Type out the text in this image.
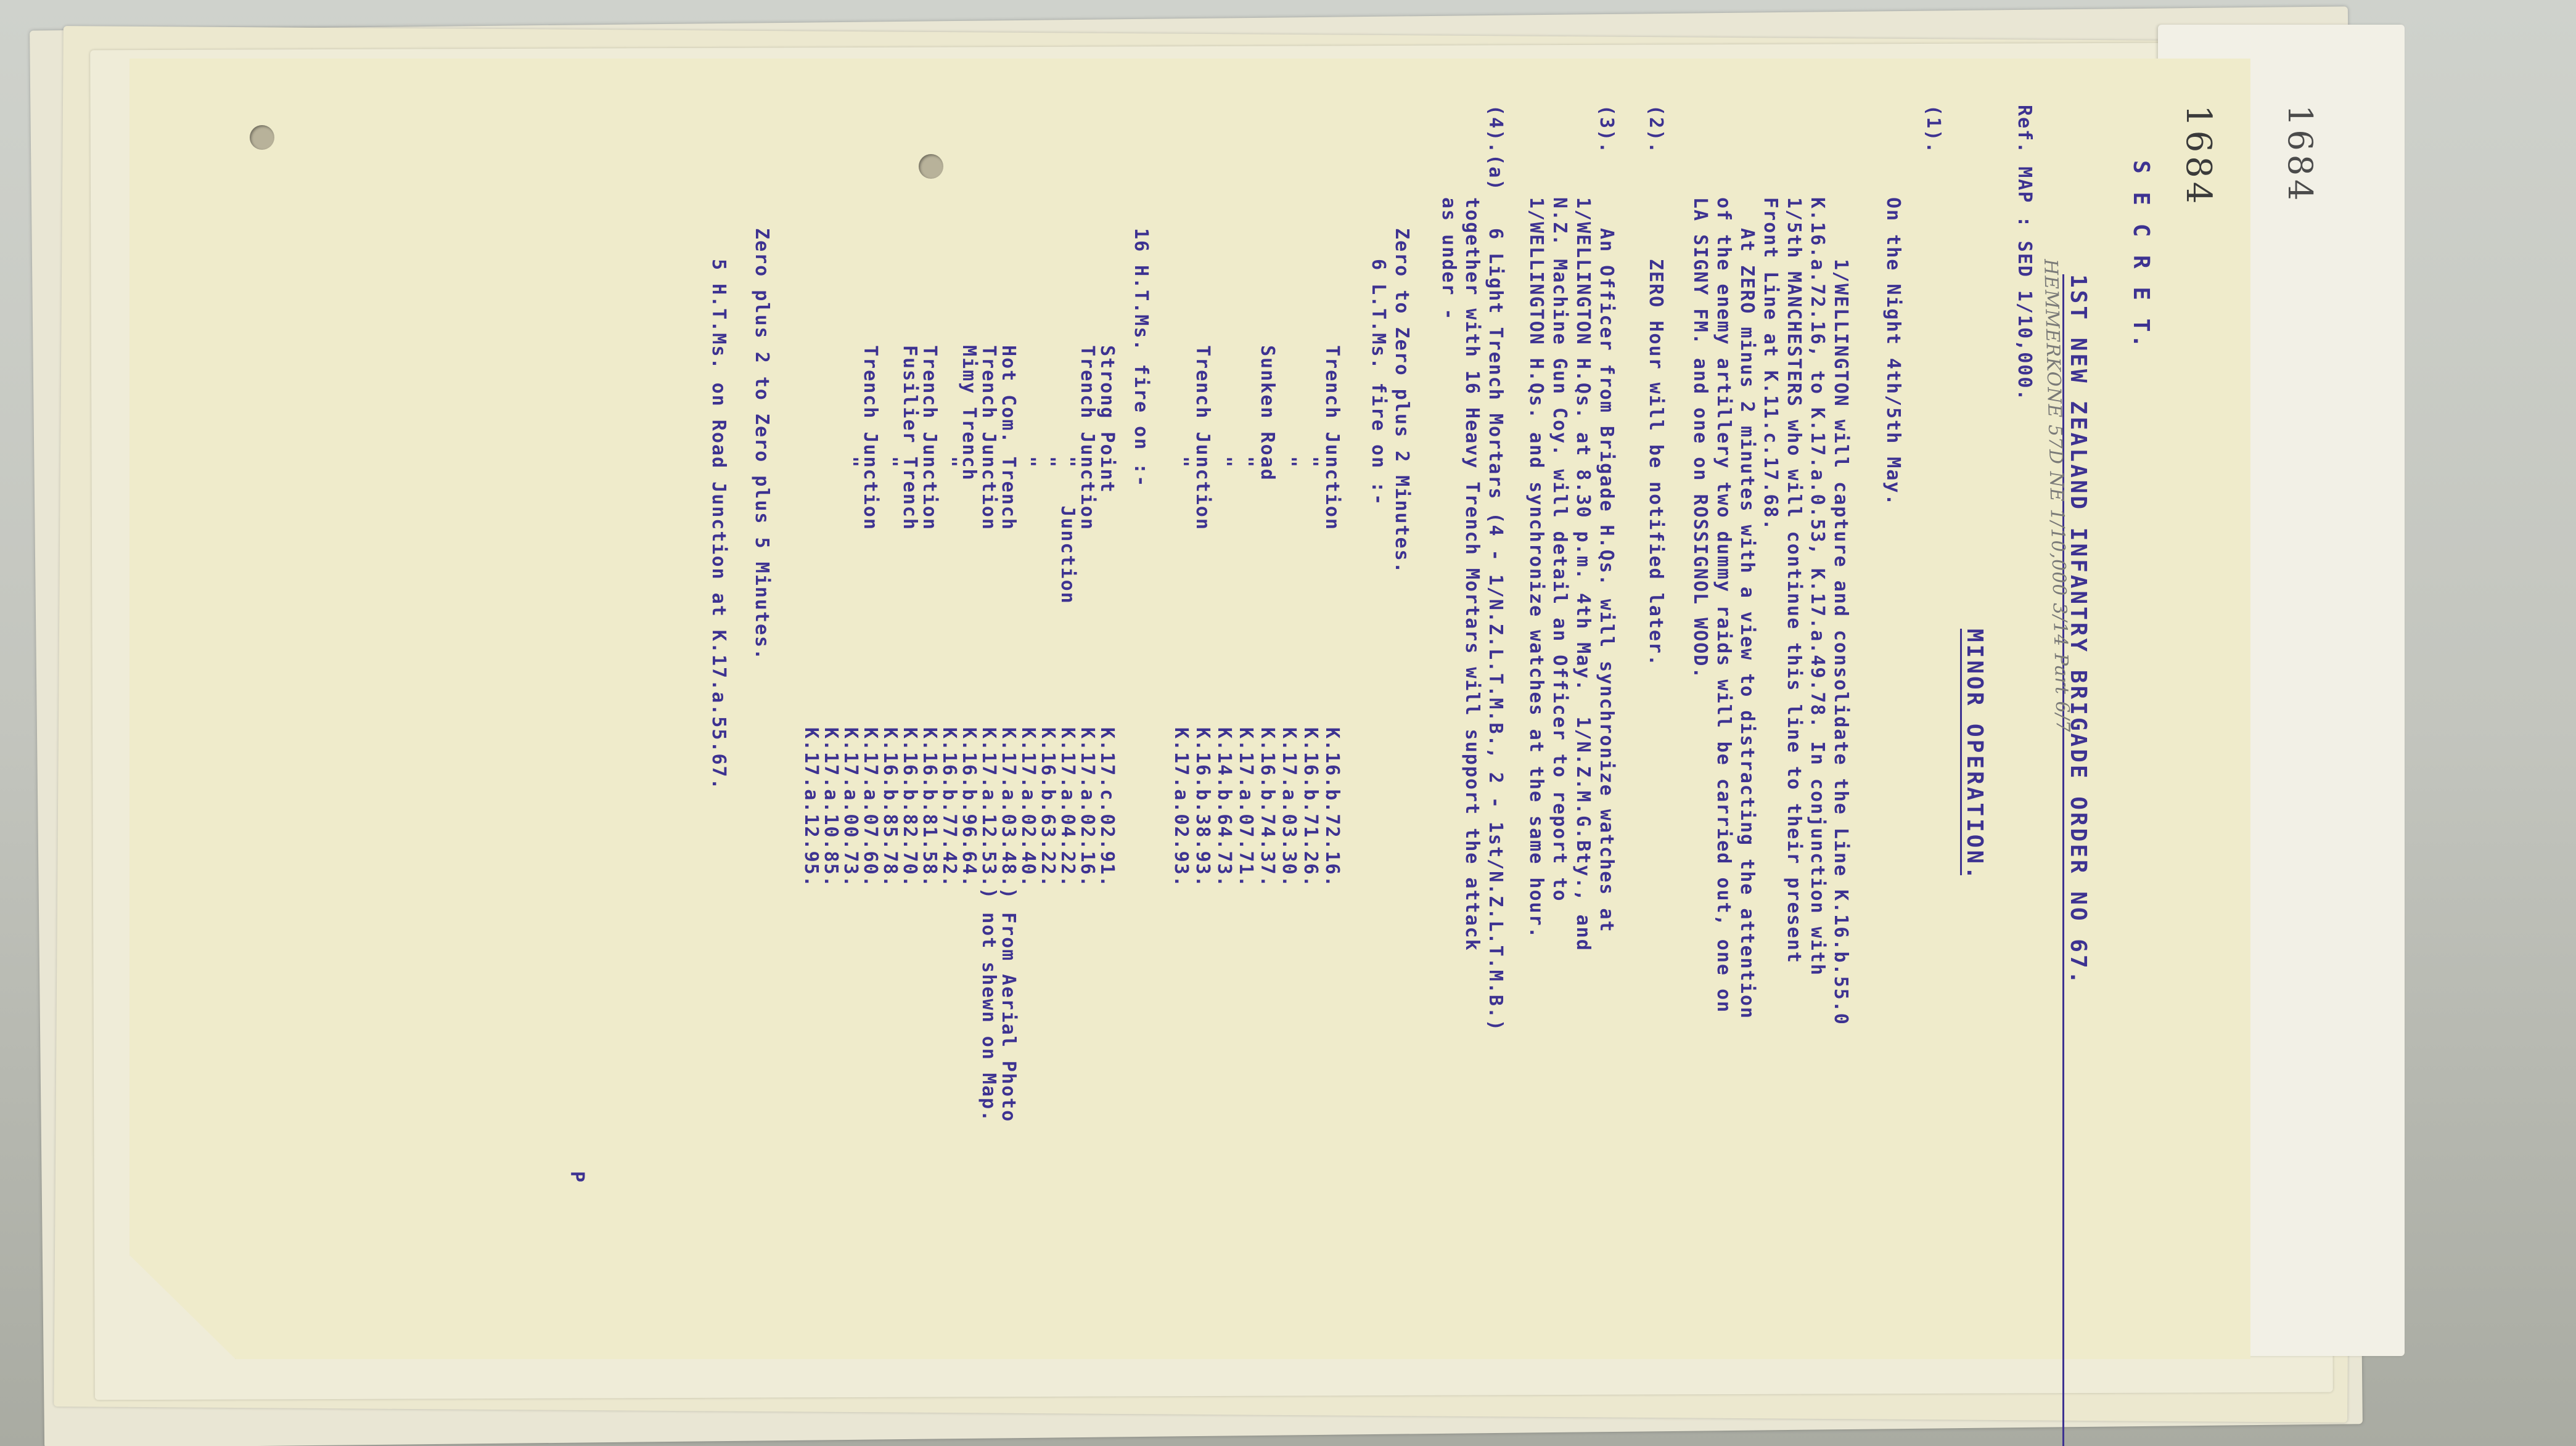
1684 1684
S E C R E T.
1ST NEW ZEALAND INFANTRY BRIGADE ORDER NO 67.
Ref. MAP : SED 1/10,000.
HEMMERKONE 57D NE 1/10,000 3/14 Part 6/7
MINOR OPERATION.
(1).
On the Night 4th/5th May.
1/WELLINGTON will capture and consolidate the Line K.16.b.55.0
K.16.a.72.16, to K.17.a.0.53, K.17.a.49.78. In conjunction with
1/5th MANCHESTERS who will continue this line to their present
Front Line at K.11.c.17.68.
At ZERO minus 2 minutes with a view to distracting the attention
of the enemy artillery two dummy raids will be carried out, one on
LA SIGNY FM. and one on ROSSIGNOL WOOD.
(2).
ZERO Hour will be notified later.
(3).
An Officer from Brigade H.Qs. will synchronize watches at
1/WELLINGTON H.Qs. at 8.30 p.m. 4th May.  1/N.Z.M.G.Bty., and
N.Z. Machine Gun Coy. will detail an Officer to report to
1/WELLINGTON H.Qs. and synchronize watches at the same hour.
(4).(a)
6 Light Trench Mortars (4 - 1/N.Z.L.T.M.B., 2 - 1st/N.Z.L.T.M.B.)
together with 16 Heavy Trench Mortars will support the attack
as under -
Zero to Zero plus 2 Minutes.
6 L.T.Ms. fire on :-
Trench Junction
K.16.b.72.16.
"
K.16.b.71.26.
"
K.17.a.03.30.
Sunken Road
K.16.b.74.37.
"
K.17.a.07.71.
"
K.14.b.64.73.
Trench Junction
K.16.b.38.93.
"
K.17.a.02.93.
16 H.T.Ms. fire on :-
Strong Point
K.17.c.02.91.
Trench Junction
K.17.a.02.16.
"   Junction
K.17.a.04.22.
"
K.16.b.63.22.
"
K.17.a.02.40.
Hot Com. Trench
K.17.a.03.48.
) From Aerial Photo
Trench Junction
K.17.a.12.53.
) not shewn on Map.
Mimy Trench
K.16.b.96.64.
"
K.16.b.77.42.
Trench Junction
K.16.b.81.58.
Fusilier Trench
K.16.b.82.70.
"
K.16.b.85.78.
Trench Junction
K.17.a.07.60.
"
K.17.a.00.73.
K.17.a.10.85.
K.17.a.12.95.
Zero plus 2 to Zero plus 5 Minutes.
5 H.T.Ms. on Road Junction at K.17.a.55.67.
P
